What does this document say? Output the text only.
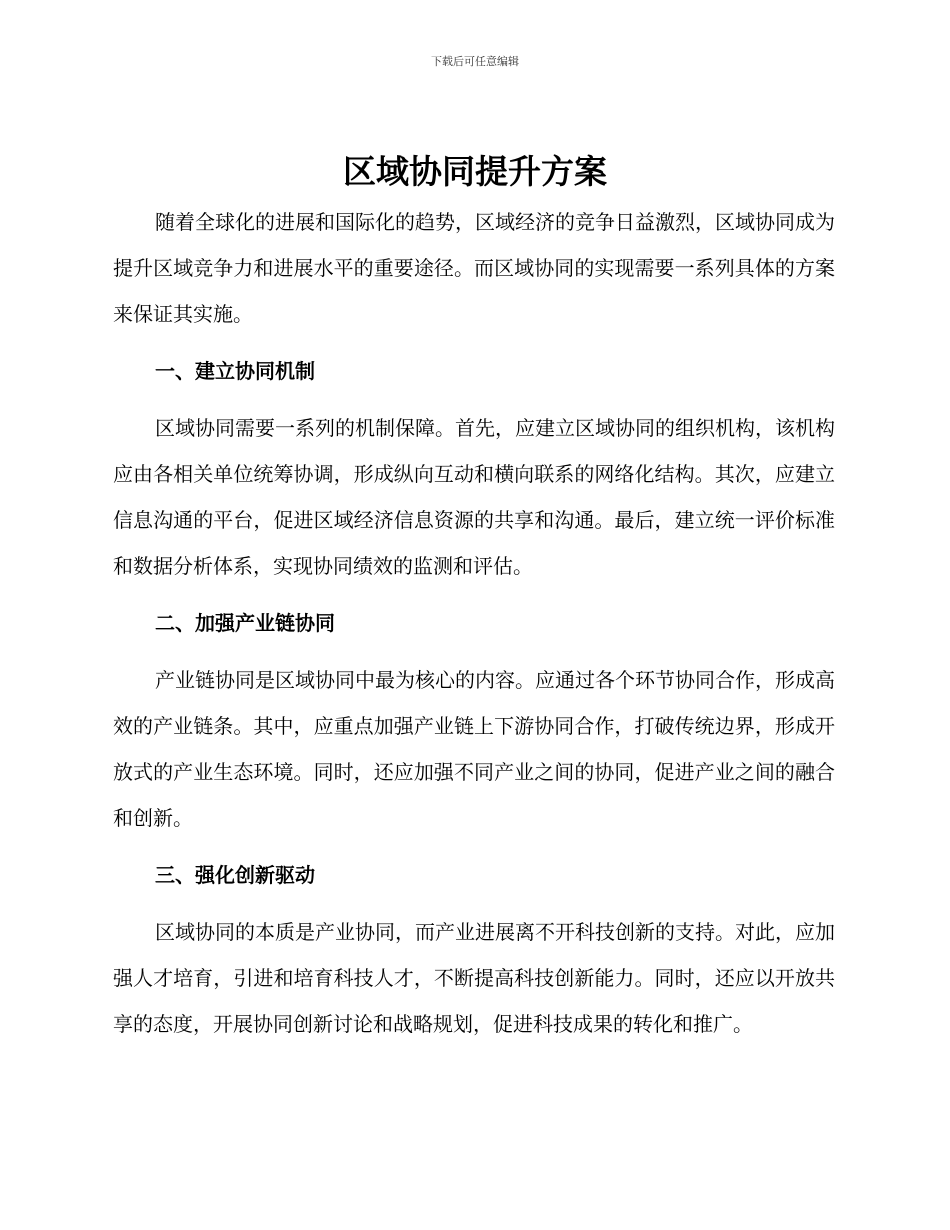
下载后可任意编辑

区域协同提升方案

随着全球化的进展和国际化的趋势，区域经济的竞争日益激烈，区域协同成为提升区域竞争力和进展水平的重要途径。而区域协同的实现需要一系列具体的方案来保证其实施。

一、建立协同机制

区域协同需要一系列的机制保障。首先，应建立区域协同的组织机构，该机构应由各相关单位统筹协调，形成纵向互动和横向联系的网络化结构。其次，应建立信息沟通的平台，促进区域经济信息资源的共享和沟通。最后，建立统一评价标准和数据分析体系，实现协同绩效的监测和评估。

二、加强产业链协同

产业链协同是区域协同中最为核心的内容。应通过各个环节协同合作，形成高效的产业链条。其中，应重点加强产业链上下游协同合作，打破传统边界，形成开放式的产业生态环境。同时，还应加强不同产业之间的协同，促进产业之间的融合和创新。

三、强化创新驱动

区域协同的本质是产业协同，而产业进展离不开科技创新的支持。对此，应加强人才培育，引进和培育科技人才，不断提高科技创新能力。同时，还应以开放共享的态度，开展协同创新讨论和战略规划，促进科技成果的转化和推广。
